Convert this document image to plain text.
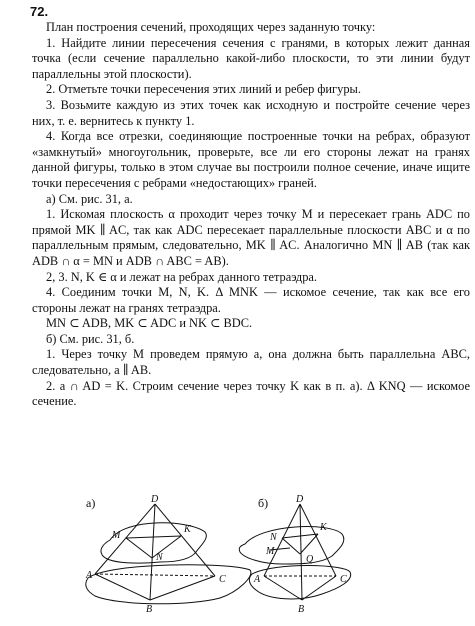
72.

План построения сечений, проходящих через заданную точку:

1. Найдите линии пересечения сечения с гранями, в которых лежит данная точка (если сечение параллельно какой-либо плоскости, то эти линии будут параллельны этой плоскости).

2. Отметьте точки пересечения этих линий и ребер фигуры.

3. Возьмите каждую из этих точек как исходную и постройте сечение через них, т. е. вернитесь к пункту 1.

4. Когда все отрезки, соединяющие построенные точки на ребрах, образуют «замкнутый» многоугольник, проверьте, все ли его стороны лежат на гранях данной фигуры, только в этом случае вы построили полное сечение, иначе ищите точки пересечения с ребрами «недостающих» граней.

а) См. рис. 31, а.

1. Искомая плоскость α проходит через точку M и пересекает грань ADC по прямой MK ∥ AC, так как ADC пересекает параллельные плоскости ABC и α по параллельным прямым, следовательно, MK ∥ AC. Аналогично MN ∥ AB (так как ADB ∩ α = MN и ADB ∩ ABC = AB).

2, 3. N, K ∈ α и лежат на ребрах данного тетраэдра.

4. Соединим точки M, N, K. Δ MNK — искомое сечение, так как все его стороны лежат на гранях тетраэдра.

MN ⊂ ADB, MK ⊂ ADC и NK ⊂ BDC.

б) См. рис. 31, б.

1. Через точку M проведем прямую a, она должна быть параллельна ABC, следовательно, a ∥ AB.

2. a ∩ AD = K. Строим сечение через точку K как в п. а). Δ KNQ — искомое сечение.

а)	б)
D
M
K
N
A	C
B
D
K
N
M
Q
A	C
B
